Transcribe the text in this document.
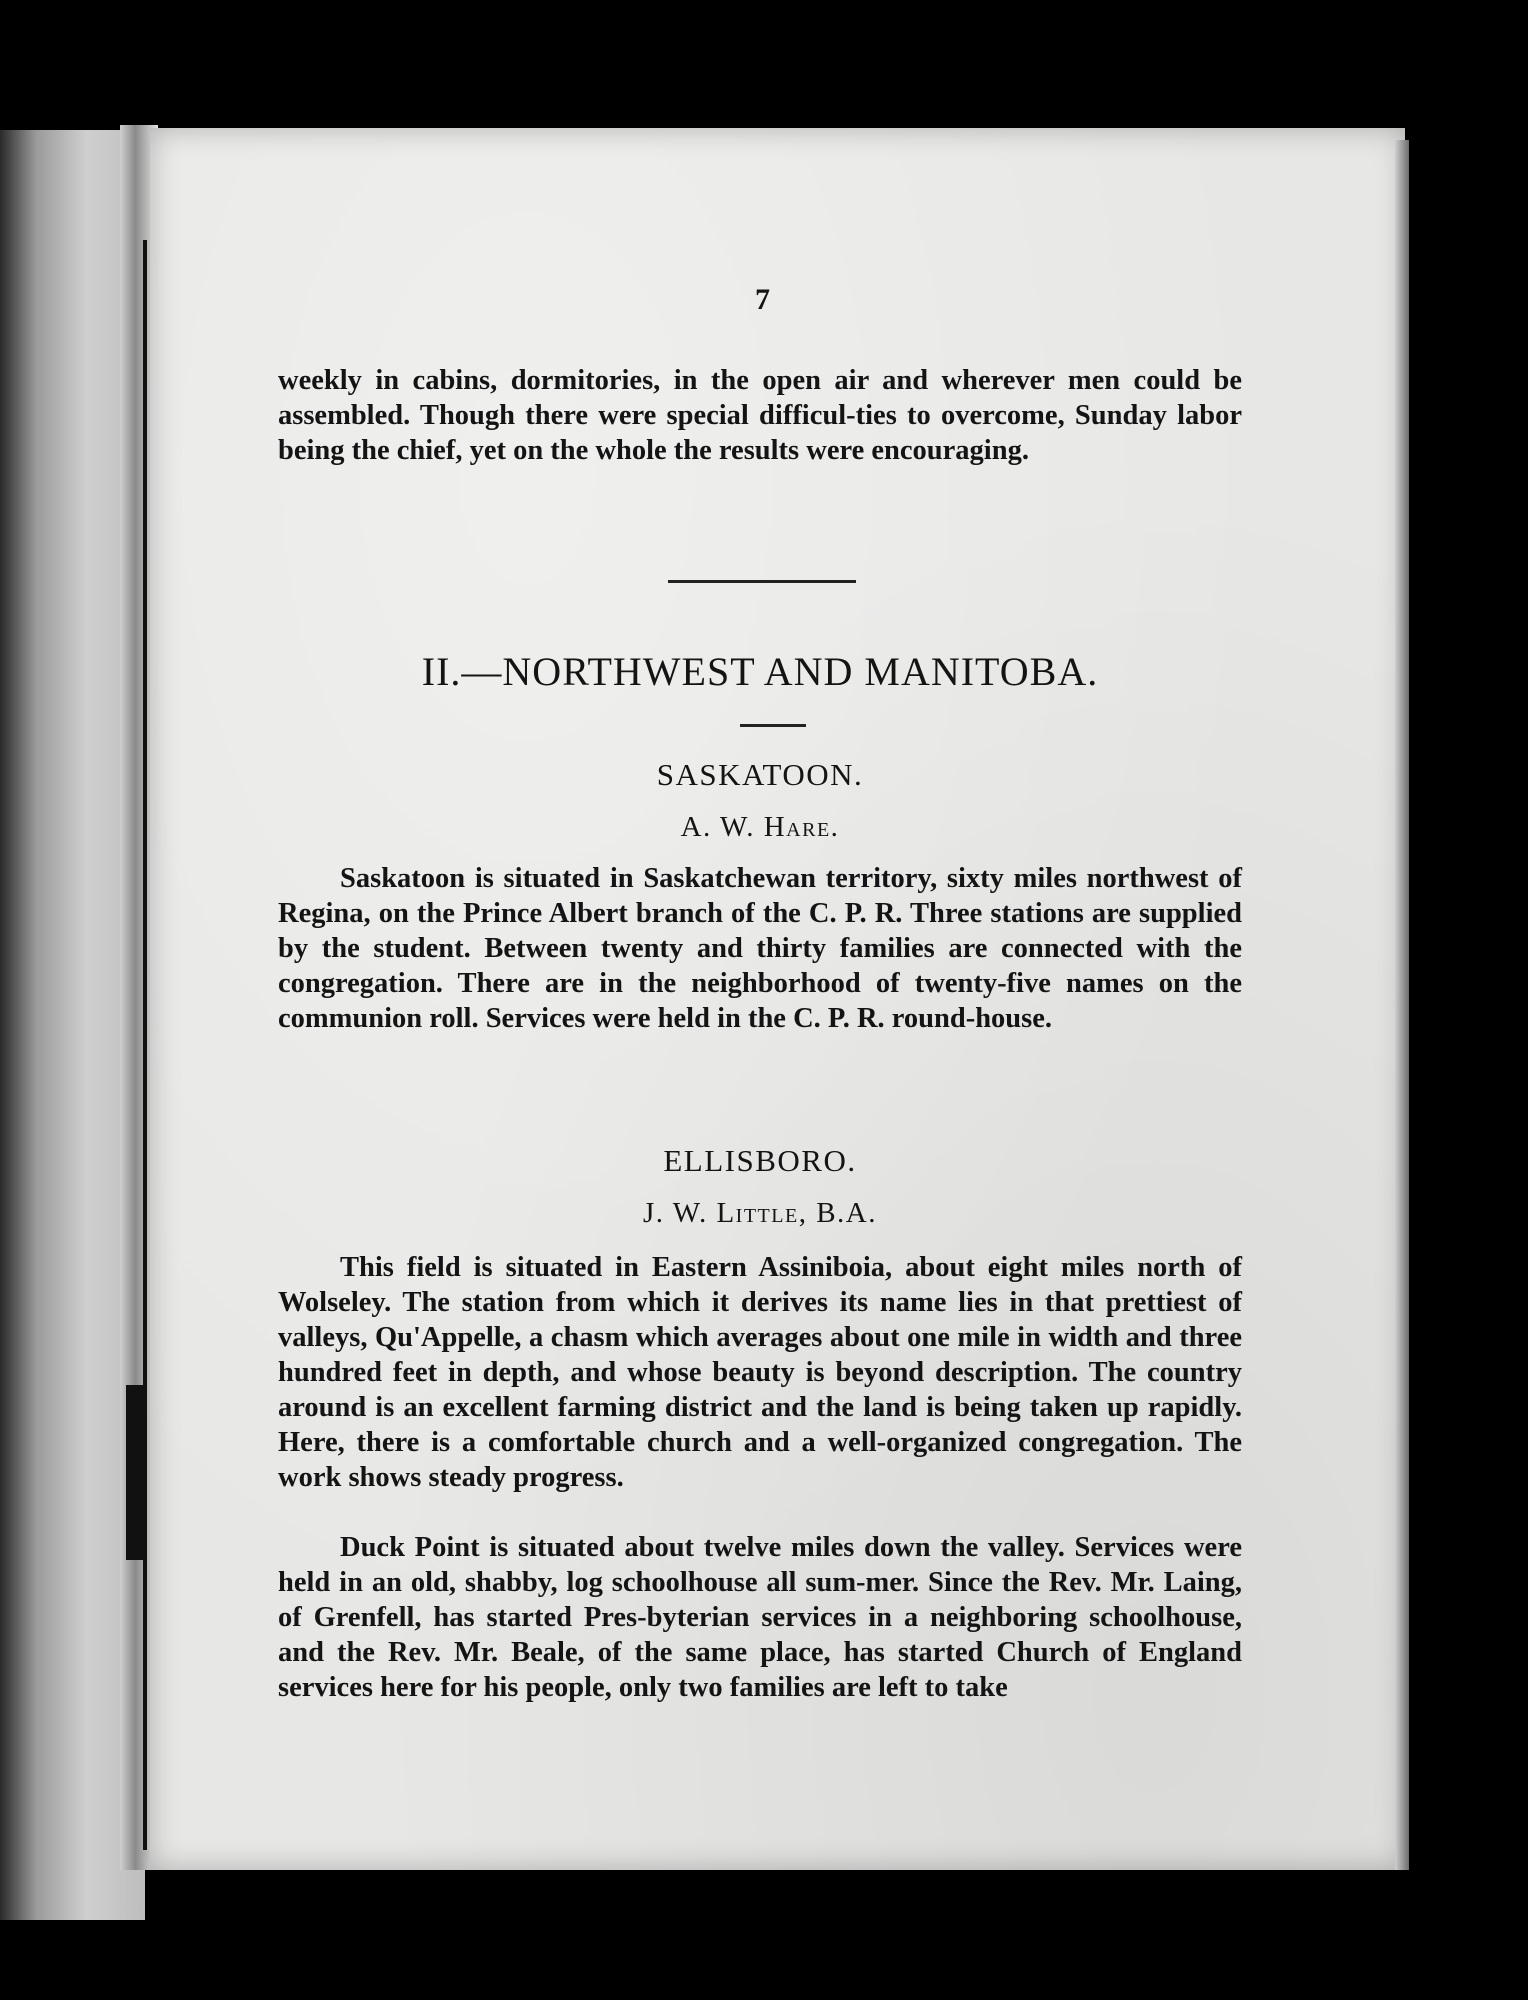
7

weekly in cabins, dormitories, in the open air and wherever men could be assembled. Though there were special difficul-ties to overcome, Sunday labor being the chief, yet on the whole the results were encouraging.

II.—NORTHWEST AND MANITOBA.
SASKATOON.
A. W. Hare.

Saskatoon is situated in Saskatchewan territory, sixty miles northwest of Regina, on the Prince Albert branch of the C. P. R. Three stations are supplied by the student. Between twenty and thirty families are connected with the congregation. There are in the neighborhood of twenty-five names on the communion roll. Services were held in the C. P. R. round-house.

ELLISBORO.
J. W. Little, B.A.

This field is situated in Eastern Assiniboia, about eight miles north of Wolseley. The station from which it derives its name lies in that prettiest of valleys, Qu'Appelle, a chasm which averages about one mile in width and three hundred feet in depth, and whose beauty is beyond description. The country around is an excellent farming district and the land is being taken up rapidly. Here, there is a comfortable church and a well-organized congregation. The work shows steady progress.

Duck Point is situated about twelve miles down the valley. Services were held in an old, shabby, log schoolhouse all sum-mer. Since the Rev. Mr. Laing, of Grenfell, has started Pres-byterian services in a neighboring schoolhouse, and the Rev. Mr. Beale, of the same place, has started Church of England services here for his people, only two families are left to take
